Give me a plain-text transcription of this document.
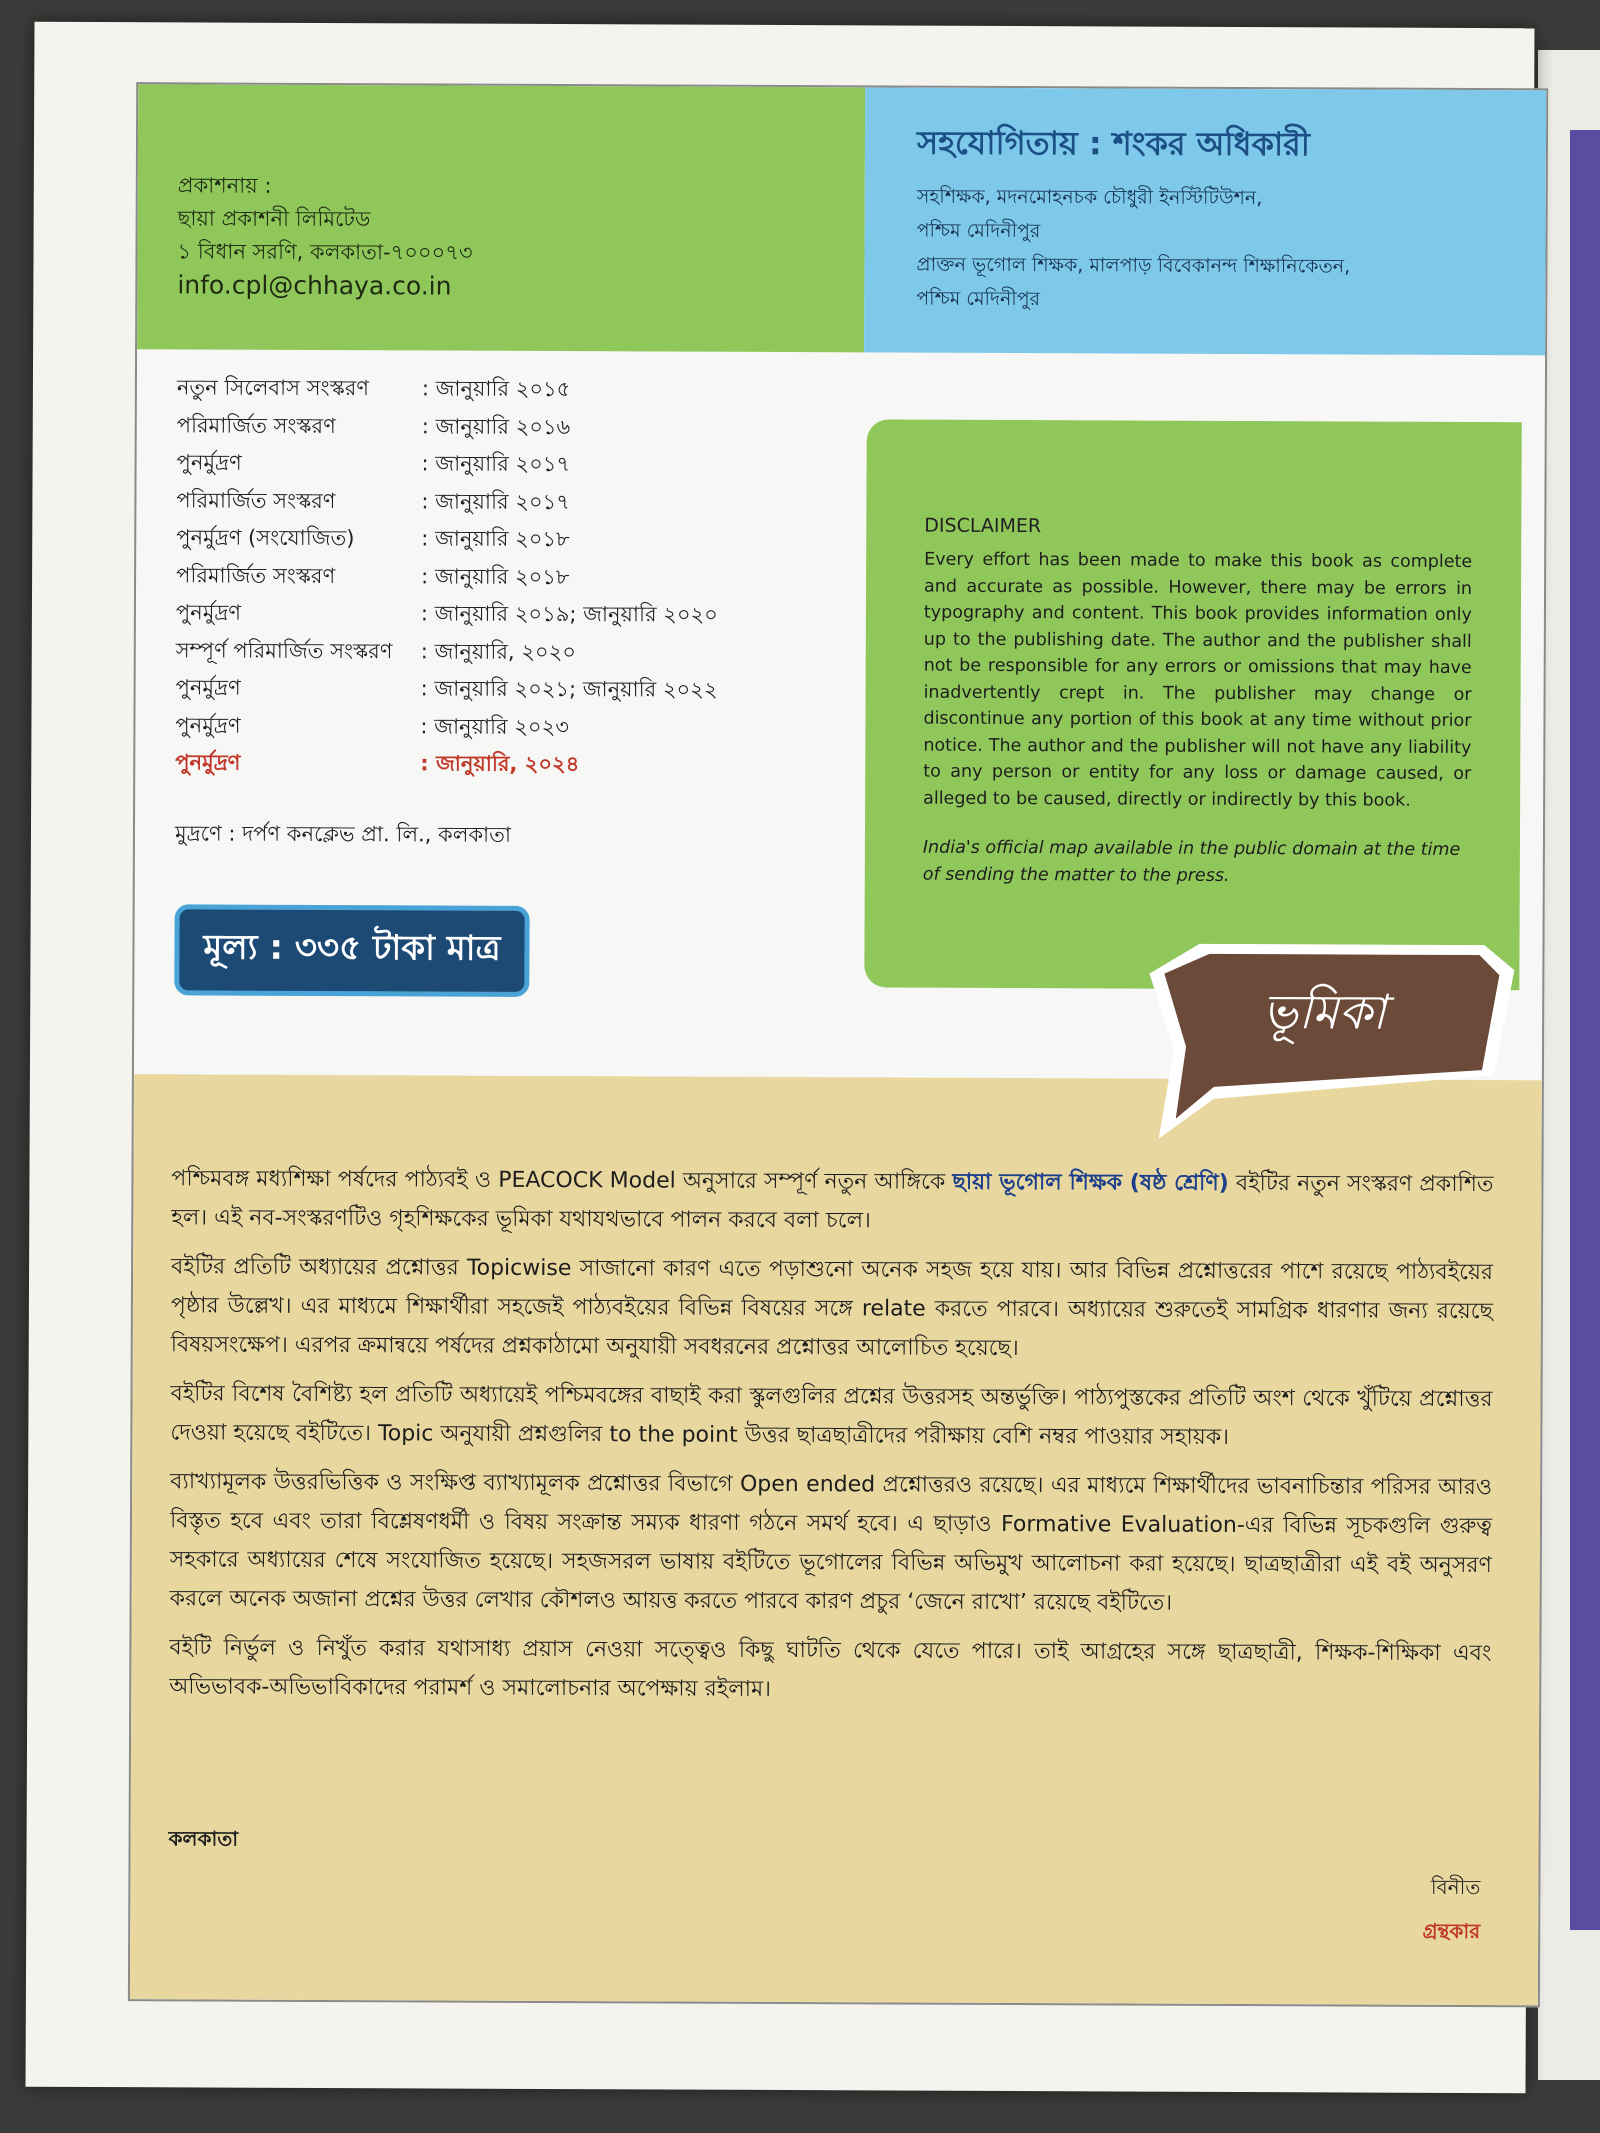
প্রকাশনায় :
ছায়া প্রকাশনী লিমিটেড
১ বিধান সরণি, কলকাতা-৭০০০৭৩
info.cpl@chhaya.co.in
সহযোগিতায় : শংকর অধিকারী
সহশিক্ষক, মদনমোহনচক চৌধুরী ইনস্টিটিউশন,
পশ্চিম মেদিনীপুর
প্রাক্তন ভূগোল শিক্ষক, মালপাড় বিবেকানন্দ শিক্ষানিকেতন,
পশ্চিম মেদিনীপুর
নতুন সিলেবাস সংস্করণ	: জানুয়ারি ২০১৫
পরিমার্জিত সংস্করণ	: জানুয়ারি ২০১৬
পুনর্মুদ্রণ	: জানুয়ারি ২০১৭
পরিমার্জিত সংস্করণ	: জানুয়ারি ২০১৭
পুনর্মুদ্রণ (সংযোজিত)	: জানুয়ারি ২০১৮
পরিমার্জিত সংস্করণ	: জানুয়ারি ২০১৮
পুনর্মুদ্রণ	: জানুয়ারি ২০১৯; জানুয়ারি ২০২০
সম্পূর্ণ পরিমার্জিত সংস্করণ	: জানুয়ারি, ২০২০
পুনর্মুদ্রণ	: জানুয়ারি ২০২১; জানুয়ারি ২০২২
পুনর্মুদ্রণ	: জানুয়ারি ২০২৩
পুনর্মুদ্রণ	: জানুয়ারি, ২০২৪
মুদ্রণে : দর্পণ কনক্লেভ প্রা. লি., কলকাতা
মূল্য : ৩৩৫ টাকা মাত্র
DISCLAIMER
Every effort has been made to make this book as complete and accurate as possible. However, there may be errors in typography and content. This book provides information only up to the publishing date. The author and the publisher shall not be responsible for any errors or omissions that may have inadvertently crept in. The publisher may change or discontinue any portion of this book at any time without prior notice. The author and the publisher will not have any liability to any person or entity for any loss or damage caused, or alleged to be caused, directly or indirectly by this book.
India's official map available in the public domain at the time of sending the matter to the press.
ভূমিকা

পশ্চিমবঙ্গ মধ্যশিক্ষা পর্ষদের পাঠ্যবই ও PEACOCK Model অনুসারে সম্পূর্ণ নতুন আঙ্গিকে ছায়া ভূগোল শিক্ষক (ষষ্ঠ শ্রেণি) বইটির নতুন সংস্করণ প্রকাশিত হল। এই নব-সংস্করণটিও গৃহশিক্ষকের ভূমিকা যথাযথভাবে পালন করবে বলা চলে।

বইটির প্রতিটি অধ্যায়ের প্রশ্নোত্তর Topicwise সাজানো কারণ এতে পড়াশুনো অনেক সহজ হয়ে যায়। আর বিভিন্ন প্রশ্নোত্তরের পাশে রয়েছে পাঠ্যবইয়ের পৃষ্ঠার উল্লেখ। এর মাধ্যমে শিক্ষার্থীরা সহজেই পাঠ্যবইয়ের বিভিন্ন বিষয়ের সঙ্গে relate করতে পারবে। অধ্যায়ের শুরুতেই সামগ্রিক ধারণার জন্য রয়েছে বিষয়সংক্ষেপ। এরপর ক্রমান্বয়ে পর্ষদের প্রশ্নকাঠামো অনুযায়ী সবধরনের প্রশ্নোত্তর আলোচিত হয়েছে।

বইটির বিশেষ বৈশিষ্ট্য হল প্রতিটি অধ্যায়েই পশ্চিমবঙ্গের বাছাই করা স্কুলগুলির প্রশ্নের উত্তরসহ অন্তর্ভুক্তি। পাঠ্যপুস্তকের প্রতিটি অংশ থেকে খুঁটিয়ে প্রশ্নোত্তর দেওয়া হয়েছে বইটিতে। Topic অনুযায়ী প্রশ্নগুলির to the point উত্তর ছাত্রছাত্রীদের পরীক্ষায় বেশি নম্বর পাওয়ার সহায়ক।

ব্যাখ্যামূলক উত্তরভিত্তিক ও সংক্ষিপ্ত ব্যাখ্যামূলক প্রশ্নোত্তর বিভাগে Open ended প্রশ্নোত্তরও রয়েছে। এর মাধ্যমে শিক্ষার্থীদের ভাবনাচিন্তার পরিসর আরও বিস্তৃত হবে এবং তারা বিশ্লেষণধর্মী ও বিষয় সংক্রান্ত সম্যক ধারণা গঠনে সমর্থ হবে। এ ছাড়াও Formative Evaluation-এর বিভিন্ন সূচকগুলি গুরুত্ব সহকারে অধ্যায়ের শেষে সংযোজিত হয়েছে। সহজসরল ভাষায় বইটিতে ভূগোলের বিভিন্ন অভিমুখ আলোচনা করা হয়েছে। ছাত্রছাত্রীরা এই বই অনুসরণ করলে অনেক অজানা প্রশ্নের উত্তর লেখার কৌশলও আয়ত্ত করতে পারবে কারণ প্রচুর ‘জেনে রাখো’ রয়েছে বইটিতে।

বইটি নির্ভুল ও নিখুঁত করার যথাসাধ্য প্রয়াস নেওয়া সত্ত্বেও কিছু ঘাটতি থেকে যেতে পারে। তাই আগ্রহের সঙ্গে ছাত্রছাত্রী, শিক্ষক-শিক্ষিকা এবং অভিভাবক-অভিভাবিকাদের পরামর্শ ও সমালোচনার অপেক্ষায় রইলাম।

কলকাতা
বিনীত
গ্রন্থকার
